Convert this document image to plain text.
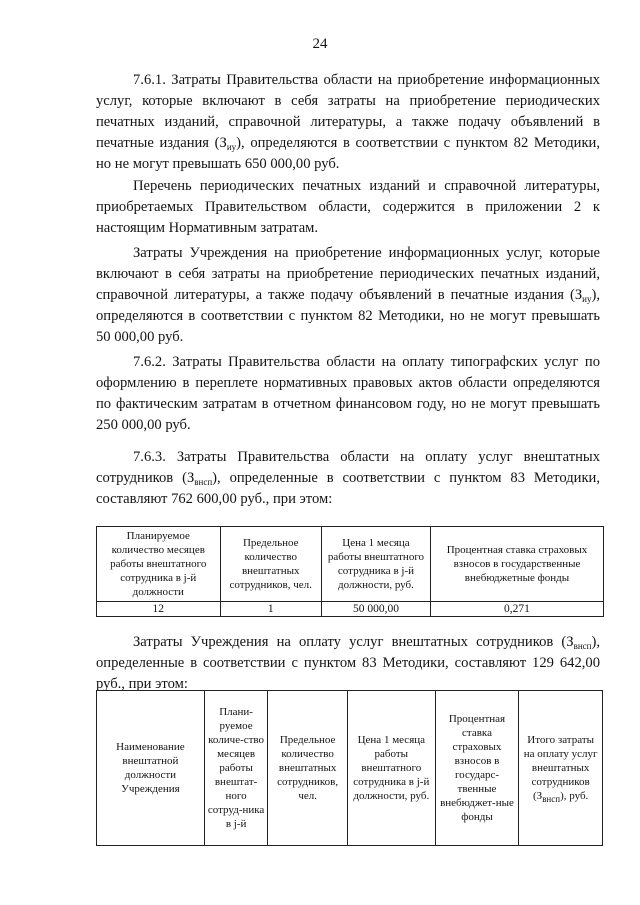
24

7.6.1. Затраты Правительства области на приобретение информационных услуг, которые включают в себя затраты на приобретение периодических печатных изданий, справочной литературы, а также подачу объявлений в печатные издания $(З_{иу})$, определяются в соответствии с пунктом 82 Методики, но не могут превышать 650 000,00 руб.

Перечень периодических печатных изданий и справочной литературы, приобретаемых Правительством области, содержится в приложении 2 к настоящим Нормативным затратам.

Затраты Учреждения на приобретение информационных услуг, которые включают в себя затраты на приобретение периодических печатных изданий, справочной литературы, а также подачу объявлений в печатные издания $(З_{иу})$, определяются в соответствии с пунктом 82 Методики, но не могут превышать 50 000,00 руб.

7.6.2. Затраты Правительства области на оплату типографских услуг по оформлению в переплете нормативных правовых актов области определяются по фактическим затратам в отчетном финансовом году, но не могут превышать 250 000,00 руб.

7.6.3. Затраты Правительства области на оплату услуг внештатных сотрудников $(З_{внсп})$, определенные в соответствии с пунктом 83 Методики, составляют 762 600,00 руб., при этом:

Планируемое количество месяцев работы внештатного сотрудника в j-й должности	Предельное количество внештатных сотрудников, чел.	Цена 1 месяца работы внештатного сотрудника в j-й должности, руб.	Процентная ставка страховых взносов в государственные внебюджетные фонды
12	1	50 000,00	0,271

Затраты Учреждения на оплату услуг внештатных сотрудников $(З_{внсп})$, определенные в соответствии с пунктом 83 Методики, составляют 129 642,00 руб., при этом:

Наименование внештатной должности Учреждения	Плани-руемое количе-ство месяцев работы внештат-ного сотруд-ника в j-й	Предельное количество внештатных сотрудников, чел.	Цена 1 месяца работы внештатного сотрудника в j-й должности, руб.	Процентная ставка страховых взносов в государс-твенные внебюджет-ные фонды	Итого затраты на оплату услуг внештатных сотрудников $(З_{внсп})$, руб.
